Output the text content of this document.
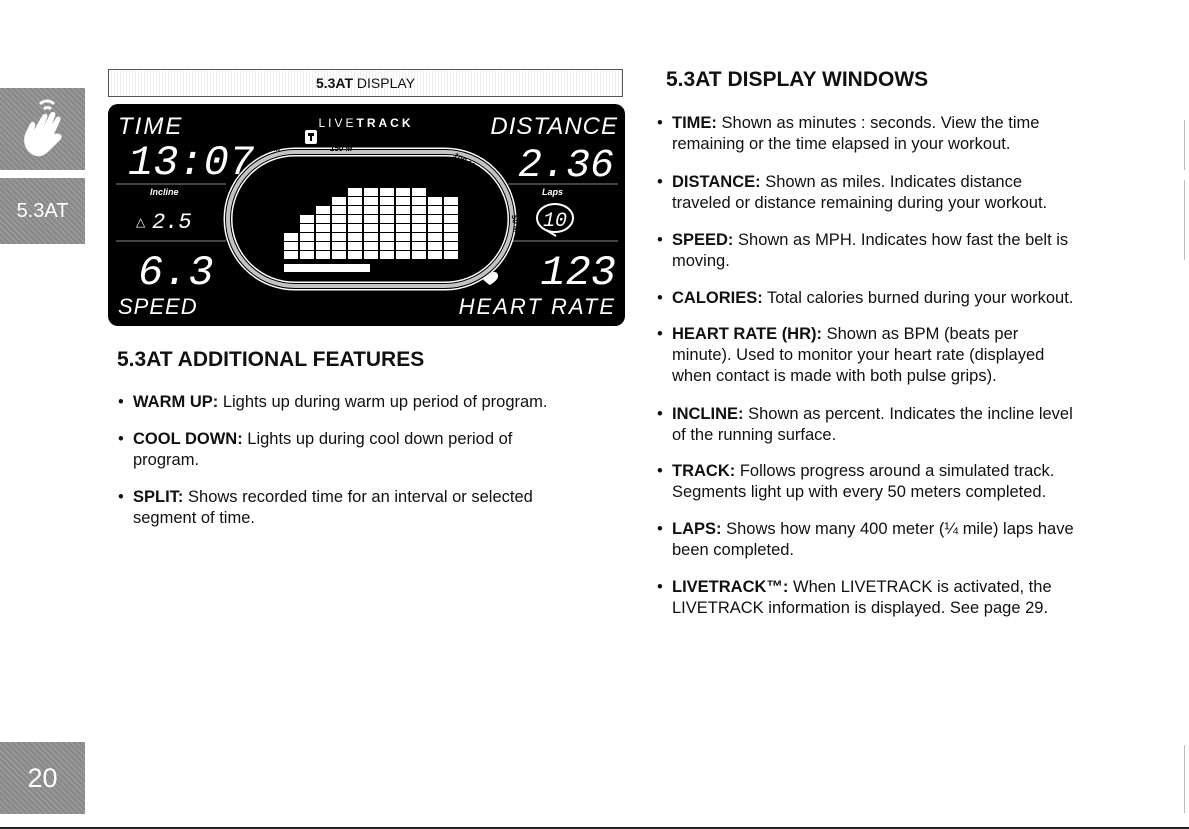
5.3AT
20
5.3AT DISPLAY
TIME	DISTANCE
LIVETRACK
13:07	2.36
Incline
△ 2.5
Laps
10
6.3
SPEED
123
HEART RATE
200 M	150 M
100 M
250 M
50 M
400 M
5.3AT ADDITIONAL FEATURES
• WARM UP: Lights up during warm up period of program.
• COOL DOWN: Lights up during cool down period of
program.
• SPLIT: Shows recorded time for an interval or selected
segment of time.
5.3AT DISPLAY WINDOWS
• TIME: Shown as minutes : seconds. View the time
remaining or the time elapsed in your workout.
• DISTANCE: Shown as miles. Indicates distance
traveled or distance remaining during your workout.
• SPEED: Shown as MPH. Indicates how fast the belt is
moving.
• CALORIES: Total calories burned during your workout.
• HEART RATE (HR): Shown as BPM (beats per
minute). Used to monitor your heart rate (displayed
when contact is made with both pulse grips).
• INCLINE: Shown as percent. Indicates the incline level
of the running surface.
• TRACK: Follows progress around a simulated track.
Segments light up with every 50 meters completed.
• LAPS: Shows how many 400 meter (¼ mile) laps have
been completed.
• LIVETRACK™: When LIVETRACK is activated, the
LIVETRACK information is displayed. See page 29.
